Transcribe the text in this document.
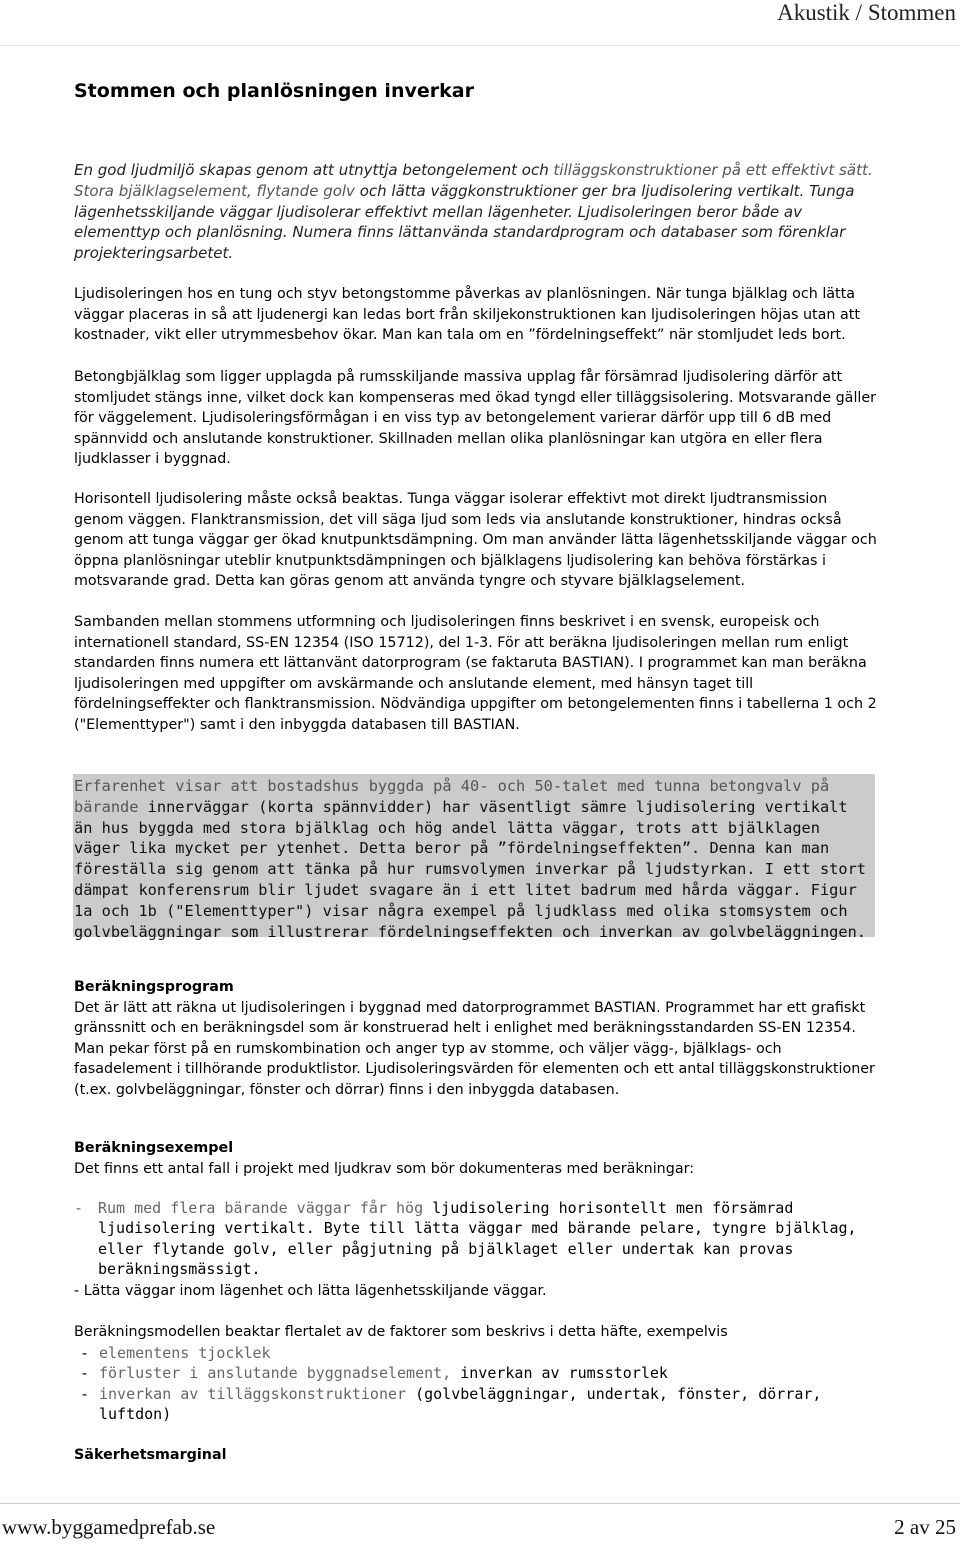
Akustik / Stommen
Stommen och planlösningen inverkar

En god ljudmiljö skapas genom att utnyttja betongelement och tilläggskonstruktioner på ett effektivt sätt. Stora bjälklagselement, flytande golv och lätta väggkonstruktioner ger bra ljudisolering vertikalt. Tunga lägenhetsskiljande väggar ljudisolerar effektivt mellan lägenheter. Ljudisoleringen beror både av elementtyp och planlösning. Numera finns lättanvända standardprogram och databaser som förenklar projekteringsarbetet.

Ljudisoleringen hos en tung och styv betongstomme påverkas av planlösningen. När tunga bjälklag och lätta väggar placeras in så att ljudenergi kan ledas bort från skiljekonstruktionen kan ljudisoleringen höjas utan att kostnader, vikt eller utrymmesbehov ökar. Man kan tala om en ”fördelningseffekt” när stomljudet leds bort.

Betongbjälklag som ligger upplagda på rumsskiljande massiva upplag får försämrad ljudisolering därför att stomljudet stängs inne, vilket dock kan kompenseras med ökad tyngd eller tilläggsisolering. Motsvarande gäller för väggelement. Ljudisoleringsförmågan i en viss typ av betongelement varierar därför upp till 6 dB med spännvidd och anslutande konstruktioner. Skillnaden mellan olika planlösningar kan utgöra en eller flera ljudklasser i byggnad.

Horisontell ljudisolering måste också beaktas. Tunga väggar isolerar effektivt mot direkt ljudtransmission genom väggen. Flanktransmission, det vill säga ljud som leds via anslutande konstruktioner, hindras också genom att tunga väggar ger ökad knutpunktsdämpning. Om man använder lätta lägenhetsskiljande väggar och öppna planlösningar uteblir knutpunktsdämpningen och bjälklagens ljudisolering kan behöva förstärkas i motsvarande grad. Detta kan göras genom att använda tyngre och styvare bjälklagselement.

Sambanden mellan stommens utformning och ljudisoleringen finns beskrivet i en svensk, europeisk och internationell standard, SS-EN 12354 (ISO 15712), del 1-3. För att beräkna ljudisoleringen mellan rum enligt standarden finns numera ett lättanvänt datorprogram (se faktaruta BASTIAN). I programmet kan man beräkna ljudisoleringen med uppgifter om avskärmande och anslutande element, med hänsyn taget till fördelningseffekter och flanktransmission. Nödvändiga uppgifter om betongelementen finns i tabellerna 1 och 2 ("Elementtyper") samt i den inbyggda databasen till BASTIAN.

Erfarenhet visar att bostadshus byggda på 40- och 50-talet med tunna betongvalv på bärande innerväggar (korta spännvidder) har väsentligt sämre ljudisolering vertikalt än hus byggda med stora bjälklag och hög andel lätta väggar, trots att bjälklagen väger lika mycket per ytenhet. Detta beror på ”fördelningseffekten”. Denna kan man föreställa sig genom att tänka på hur rumsvolymen inverkar på ljudstyrkan. I ett stort dämpat konferensrum blir ljudet svagare än i ett litet badrum med hårda väggar. Figur 1a och 1b ("Elementtyper") visar några exempel på ljudklass med olika stomsystem och golvbeläggningar som illustrerar fördelningseffekten och inverkan av golvbeläggningen.

Beräkningsprogram
Det är lätt att räkna ut ljudisoleringen i byggnad med datorprogrammet BASTIAN. Programmet har ett grafiskt gränssnitt och en beräkningsdel som är konstruerad helt i enlighet med beräkningsstandarden SS-EN 12354. Man pekar först på en rumskombination och anger typ av stomme, och väljer vägg-, bjälklags- och fasadelement i tillhörande produktlistor. Ljudisoleringsvärden för elementen och ett antal tilläggskonstruktioner (t.ex. golvbeläggningar, fönster och dörrar) finns i den inbyggda databasen.
Beräkningsexempel
Det finns ett antal fall i projekt med ljudkrav som bör dokumenteras med beräkningar:
- Rum med flera bärande väggar får hög ljudisolering horisontellt men försämrad ljudisolering vertikalt. Byte till lätta väggar med bärande pelare, tyngre bjälklag, eller flytande golv, eller pågjutning på bjälklaget eller undertak kan provas beräkningsmässigt.
- Lätta väggar inom lägenhet och lätta lägenhetsskiljande väggar.
Beräkningsmodellen beaktar flertalet av de faktorer som beskrivs i detta häfte, exempelvis
- elementens tjocklek
- förluster i anslutande byggnadselement, inverkan av rumsstorlek
- inverkan av tilläggskonstruktioner (golvbeläggningar, undertak, fönster, dörrar, luftdon)
Säkerhetsmarginal
www.byggamedprefab.se	2 av 25
